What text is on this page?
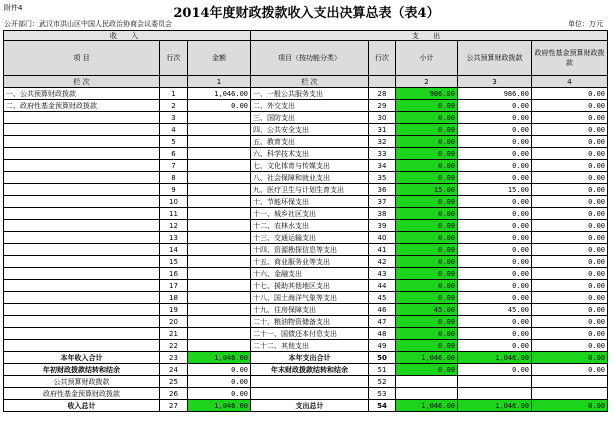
附件4	2014年度财政拨款收入支出决算总表（表4）
公开部门：武汉市洪山区中国人民政治协商会议委员会	单位：万元
收 入			支 出				
项 目	行次	金额	项目（按功能分类）	行次	小计	公共预算财政拨款	政府性基金预算财政拨款
栏 次		1	栏 次		2	3	4
一、公共预算财政拨款	1	1,046.00	一、一般公共服务支出	28	986.00	986.00	0.00
二、政府性基金预算财政拨款	2	0.00	二、外交支出	29	0.00	0.00	0.00
	3		三、国防支出	30	0.00	0.00	0.00
	4		四、公共安全支出	31	0.00	0.00	0.00
	5		五、教育支出	32	0.00	0.00	0.00
	6		六、科学技术支出	33	0.00	0.00	0.00
	7		七、文化体育与传媒支出	34	0.00	0.00	0.00
	8		八、社会保障和就业支出	35	0.00	0.00	0.00
	9		九、医疗卫生与计划生育支出	36	15.00	15.00	0.00
	10		十、节能环保支出	37	0.00	0.00	0.00
	11		十一、城乡社区支出	38	0.00	0.00	0.00
	12		十二、农林水支出	39	0.00	0.00	0.00
	13		十三、交通运输支出	40	0.00	0.00	0.00
	14		十四、资源勘探信息等支出	41	0.00	0.00	0.00
	15		十五、商业服务业等支出	42	0.00	0.00	0.00
	16		十六、金融支出	43	0.00	0.00	0.00
	17		十七、援助其他地区支出	44	0.00	0.00	0.00
	18		十八、国土海洋气象等支出	45	0.00	0.00	0.00
	19		十九、住房保障支出	46	45.00	45.00	0.00
	20		二十、粮油物资储备支出	47	0.00	0.00	0.00
	21		二十一、国债还本付息支出	48	0.00	0.00	0.00
	22		二十二、其他支出	49	0.00	0.00	0.00
本年收入合计	23	1,046.00	本年支出合计	50	1,046.00	1,046.00	0.00
年初财政拨款结转和结余	24	0.00	年末财政拨款结转和结余	51	0.00	0.00	0.00
公共预算财政拨款	25	0.00		52			
政府性基金预算财政拨款	26	0.00		53			
收入总计	27	1,046.00	支出总计	54	1,046.00	1,046.00	0.00
